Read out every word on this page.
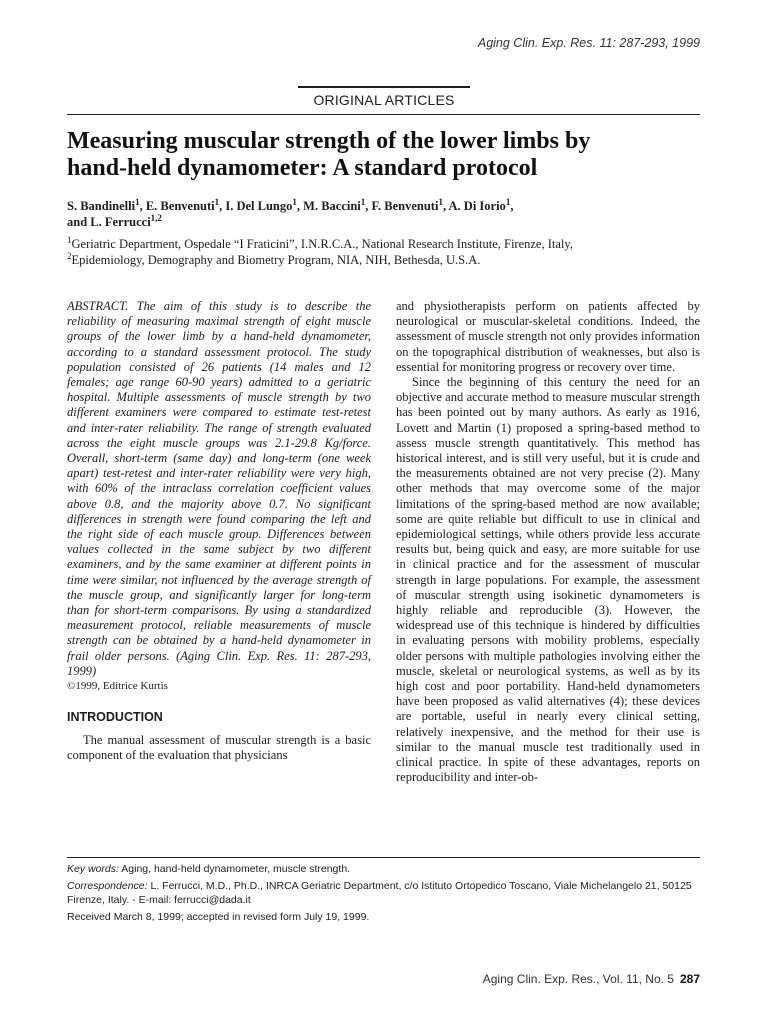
Aging Clin. Exp. Res. 11: 287-293, 1999
ORIGINAL ARTICLES
Measuring muscular strength of the lower limbs by
hand-held dynamometer: A standard protocol
S. Bandinelli$^1$, E. Benvenuti$^1$, I. Del Lungo$^1$, M. Baccini$^1$, F. Benvenuti$^1$, A. Di Iorio$^1$,
and L. Ferrucci$^{1,2}$
$^1$Geriatric Department, Ospedale “I Fraticini”, I.N.R.C.A., National Research Institute, Firenze, Italy,
$^2$Epidemiology, Demography and Biometry Program, NIA, NIH, Bethesda, U.S.A.

ABSTRACT. The aim of this study is to describe the reliability of measuring maximal strength of eight muscle groups of the lower limb by a hand-held dynamometer, according to a standard assessment protocol. The study population consisted of 26 patients (14 males and 12 females; age range 60-90 years) admitted to a geriatric hospital. Multiple assessments of muscle strength by two different examiners were compared to estimate test-retest and inter-rater reliability. The range of strength evaluated across the eight muscle groups was 2.1-29.8 Kg/force. Overall, short-term (same day) and long-term (one week apart) test-retest and inter-rater reliability were very high, with 60% of the intraclass correlation coefficient values above 0.8, and the majority above 0.7. No significant differences in strength were found comparing the left and the right side of each muscle group. Differences between values collected in the same subject by two different examiners, and by the same examiner at different points in time were similar, not influenced by the average strength of the muscle group, and significantly larger for long-term than for short-term comparisons. By using a standardized measurement protocol, reliable measurements of muscle strength can be obtained by a hand-held dynamometer in frail older persons. (Aging Clin. Exp. Res. 11: 287-293, 1999)

©1999, Editrice Kurtis

INTRODUCTION

The manual assessment of muscular strength is a basic component of the evaluation that physicians

and physiotherapists perform on patients affected by neurological or muscular-skeletal conditions. Indeed, the assessment of muscle strength not only provides information on the topographical distribution of weaknesses, but also is essential for monitoring progress or recovery over time.

Since the beginning of this century the need for an objective and accurate method to measure muscular strength has been pointed out by many authors. As early as 1916, Lovett and Martin (1) proposed a spring-based method to assess muscle strength quantitatively. This method has historical interest, and is still very useful, but it is crude and the measurements obtained are not very precise (2). Many other methods that may overcome some of the major limitations of the spring-based method are now available; some are quite reliable but difficult to use in clinical and epidemiological settings, while others provide less accurate results but, being quick and easy, are more suitable for use in clinical practice and for the assessment of muscular strength in large populations. For example, the assessment of muscular strength using isokinetic dynamometers is highly reliable and reproducible (3). However, the widespread use of this technique is hindered by difficulties in evaluating persons with mobility problems, especially older persons with multiple pathologies involving either the muscle, skeletal or neurological systems, as well as by its high cost and poor portability. Hand-held dynamometers have been proposed as valid alternatives (4); these devices are portable, useful in nearly every clinical setting, relatively inexpensive, and the method for their use is similar to the manual muscle test traditionally used in clinical practice. In spite of these advantages, reports on reproducibility and inter-ob-

Key words: Aging, hand-held dynamometer, muscle strength.

Correspondence: L. Ferrucci, M.D., Ph.D., INRCA Geriatric Department, c/o Istituto Ortopedico Toscano, Viale Michelangelo 21, 50125 Firenze, Italy. - E-mail: ferrucci@dada.it

Received March 8, 1999; accepted in revised form July 19, 1999.

Aging Clin. Exp. Res., Vol. 11, No. 5 287
